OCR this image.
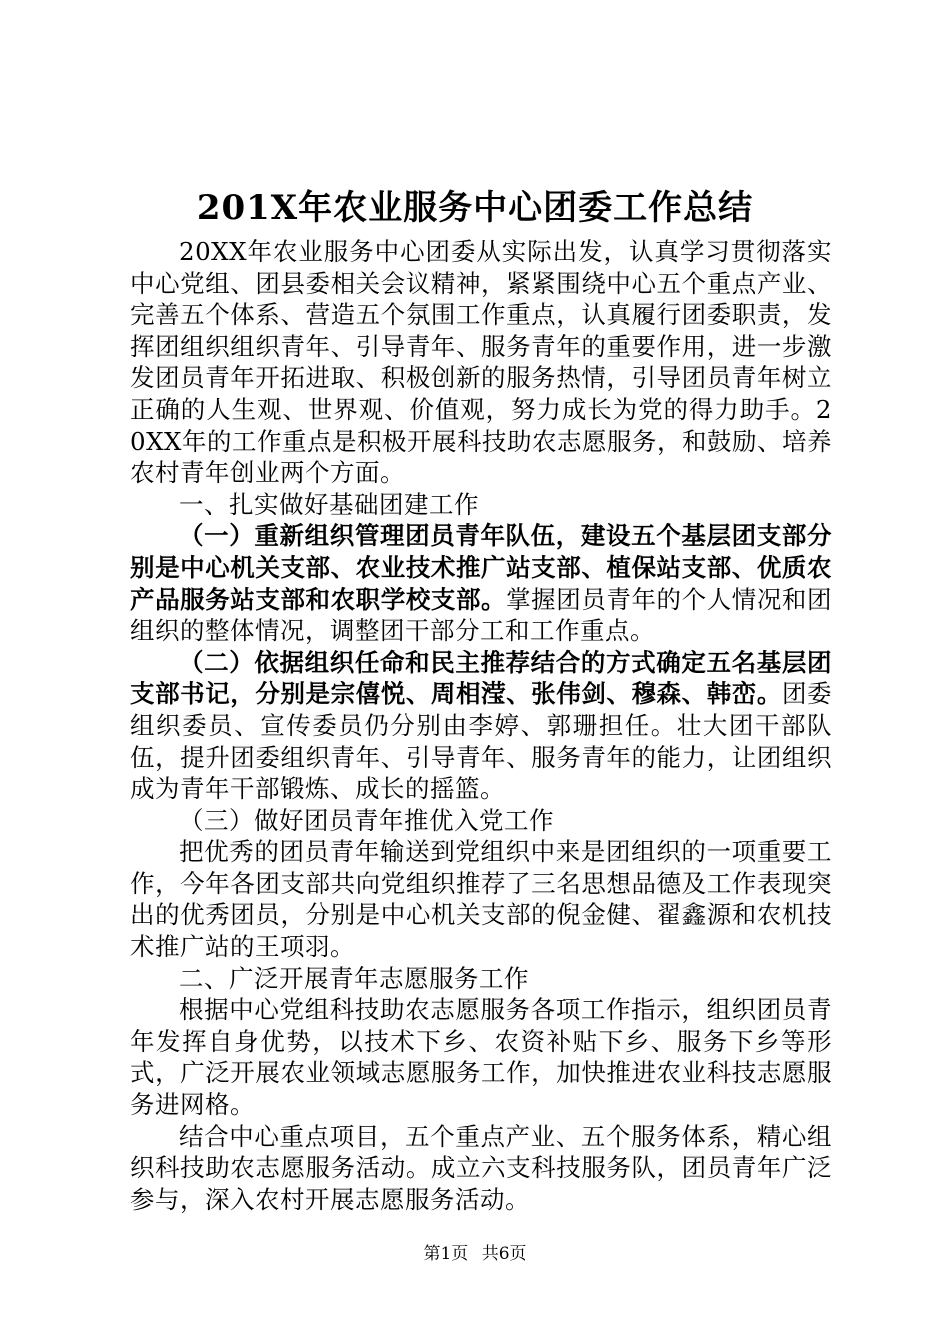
201X年农业服务中心团委工作总结

20XX年农业服务中心团委从实际出发，认真学习贯彻落实中心党组、团县委相关会议精神，紧紧围绕中心五个重点产业、完善五个体系、营造五个氛围工作重点，认真履行团委职责，发挥团组织组织青年、引导青年、服务青年的重要作用，进一步激发团员青年开拓进取、积极创新的服务热情，引导团员青年树立正确的人生观、世界观、价值观，努力成长为党的得力助手。20XX年的工作重点是积极开展科技助农志愿服务，和鼓励、培养农村青年创业两个方面。

一、扎实做好基础团建工作

（一）重新组织管理团员青年队伍，建设五个基层团支部分别是中心机关支部、农业技术推广站支部、植保站支部、优质农产品服务站支部和农职学校支部。掌握团员青年的个人情况和团组织的整体情况，调整团干部分工和工作重点。

（二）依据组织任命和民主推荐结合的方式确定五名基层团支部书记，分别是宗僖悦、周相滢、张伟剑、穆森、韩峦。团委组织委员、宣传委员仍分别由李婷、郭珊担任。壮大团干部队伍，提升团委组织青年、引导青年、服务青年的能力，让团组织成为青年干部锻炼、成长的摇篮。

（三）做好团员青年推优入党工作

把优秀的团员青年输送到党组织中来是团组织的一项重要工作，今年各团支部共向党组织推荐了三名思想品德及工作表现突出的优秀团员，分别是中心机关支部的倪金健、翟鑫源和农机技术推广站的王项羽。

二、广泛开展青年志愿服务工作

根据中心党组科技助农志愿服务各项工作指示，组织团员青年发挥自身优势，以技术下乡、农资补贴下乡、服务下乡等形式，广泛开展农业领域志愿服务工作，加快推进农业科技志愿服务进网格。

结合中心重点项目，五个重点产业、五个服务体系，精心组织科技助农志愿服务活动。成立六支科技服务队，团员青年广泛参与，深入农村开展志愿服务活动。

第1页 共6页
